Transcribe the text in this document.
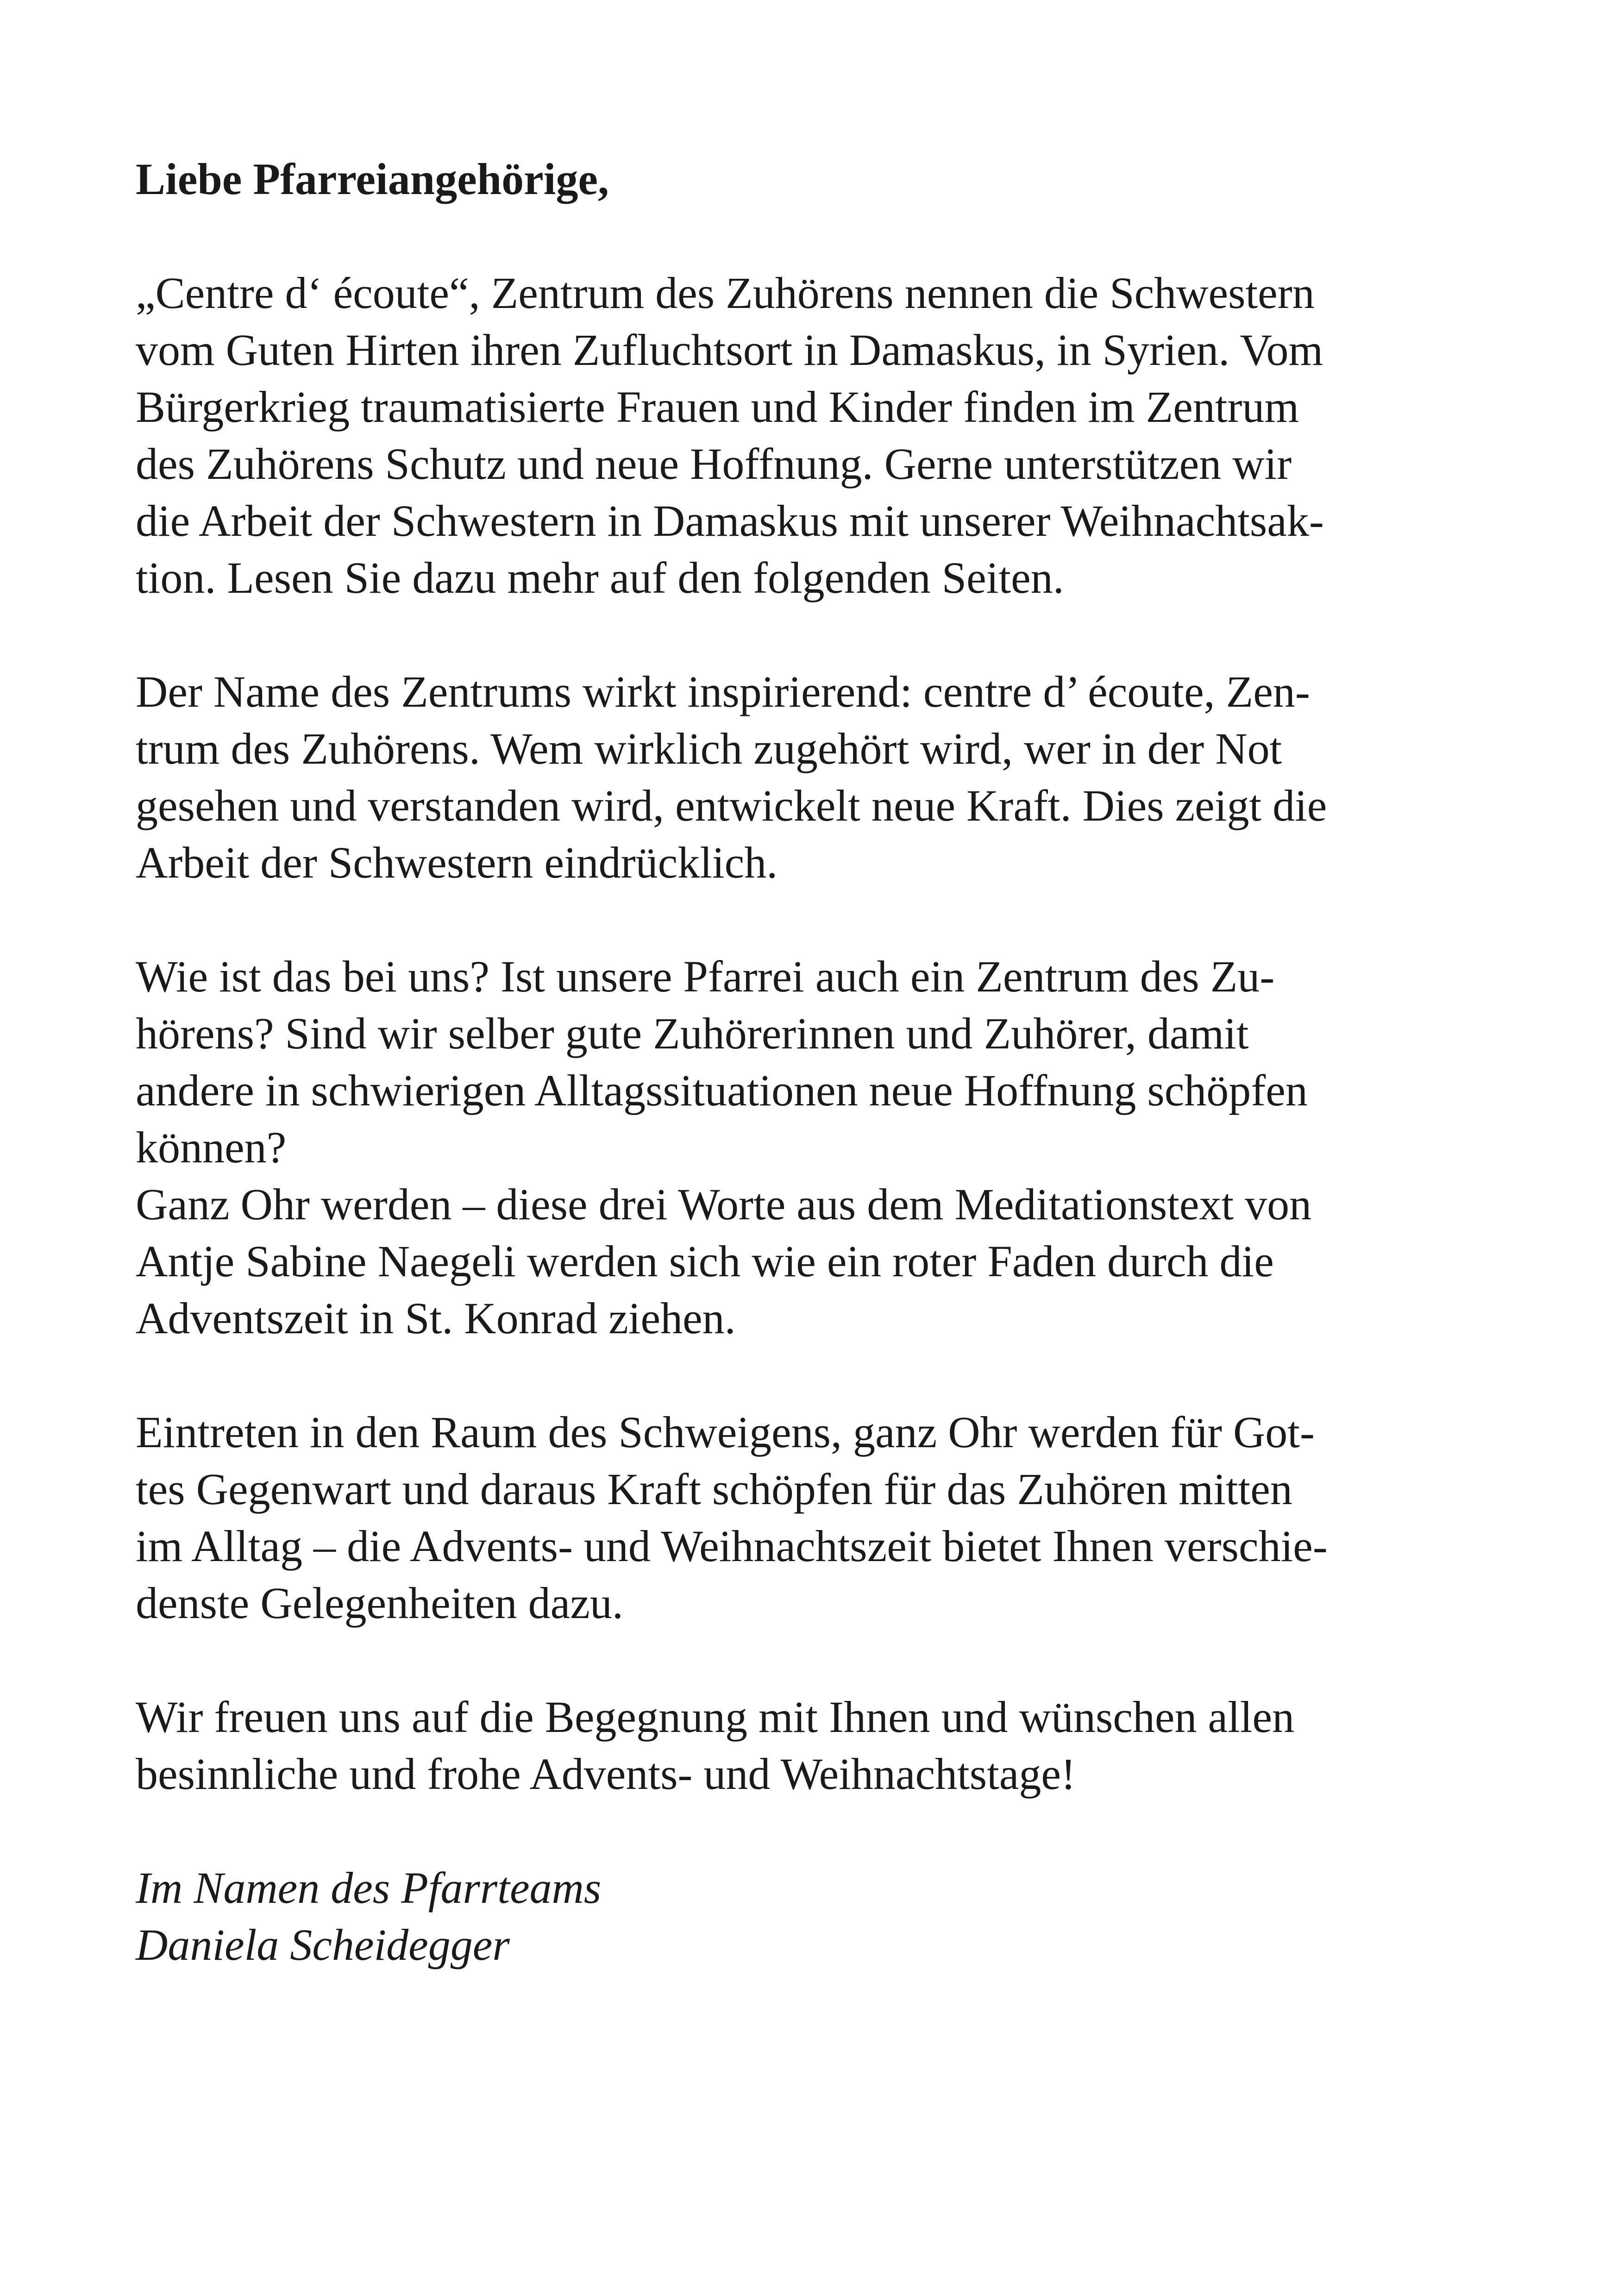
Liebe Pfarreiangehörige,
„Centre d‘ écoute“, Zentrum des Zuhörens nennen die Schwestern
vom Guten Hirten ihren Zufluchtsort in Damaskus, in Syrien. Vom
Bürgerkrieg traumatisierte Frauen und Kinder finden im Zentrum
des Zuhörens Schutz und neue Hoffnung. Gerne unterstützen wir
die Arbeit der Schwestern in Damaskus mit unserer Weihnachtsak-
tion. Lesen Sie dazu mehr auf den folgenden Seiten.
Der Name des Zentrums wirkt inspirierend: centre d’ écoute, Zen-
trum des Zuhörens. Wem wirklich zugehört wird, wer in der Not
gesehen und verstanden wird, entwickelt neue Kraft. Dies zeigt die
Arbeit der Schwestern eindrücklich.
Wie ist das bei uns? Ist unsere Pfarrei auch ein Zentrum des Zu-
hörens? Sind wir selber gute Zuhörerinnen und Zuhörer, damit
andere in schwierigen Alltagssituationen neue Hoffnung schöpfen
können?
Ganz Ohr werden – diese drei Worte aus dem Meditationstext von
Antje Sabine Naegeli werden sich wie ein roter Faden durch die
Adventszeit in St. Konrad ziehen.
Eintreten in den Raum des Schweigens, ganz Ohr werden für Got-
tes Gegenwart und daraus Kraft schöpfen für das Zuhören mitten
im Alltag – die Advents- und Weihnachtszeit bietet Ihnen verschie-
denste Gelegenheiten dazu.
Wir freuen uns auf die Begegnung mit Ihnen und wünschen allen
besinnliche und frohe Advents- und Weihnachtstage!
Im Namen des Pfarrteams
Daniela Scheidegger
